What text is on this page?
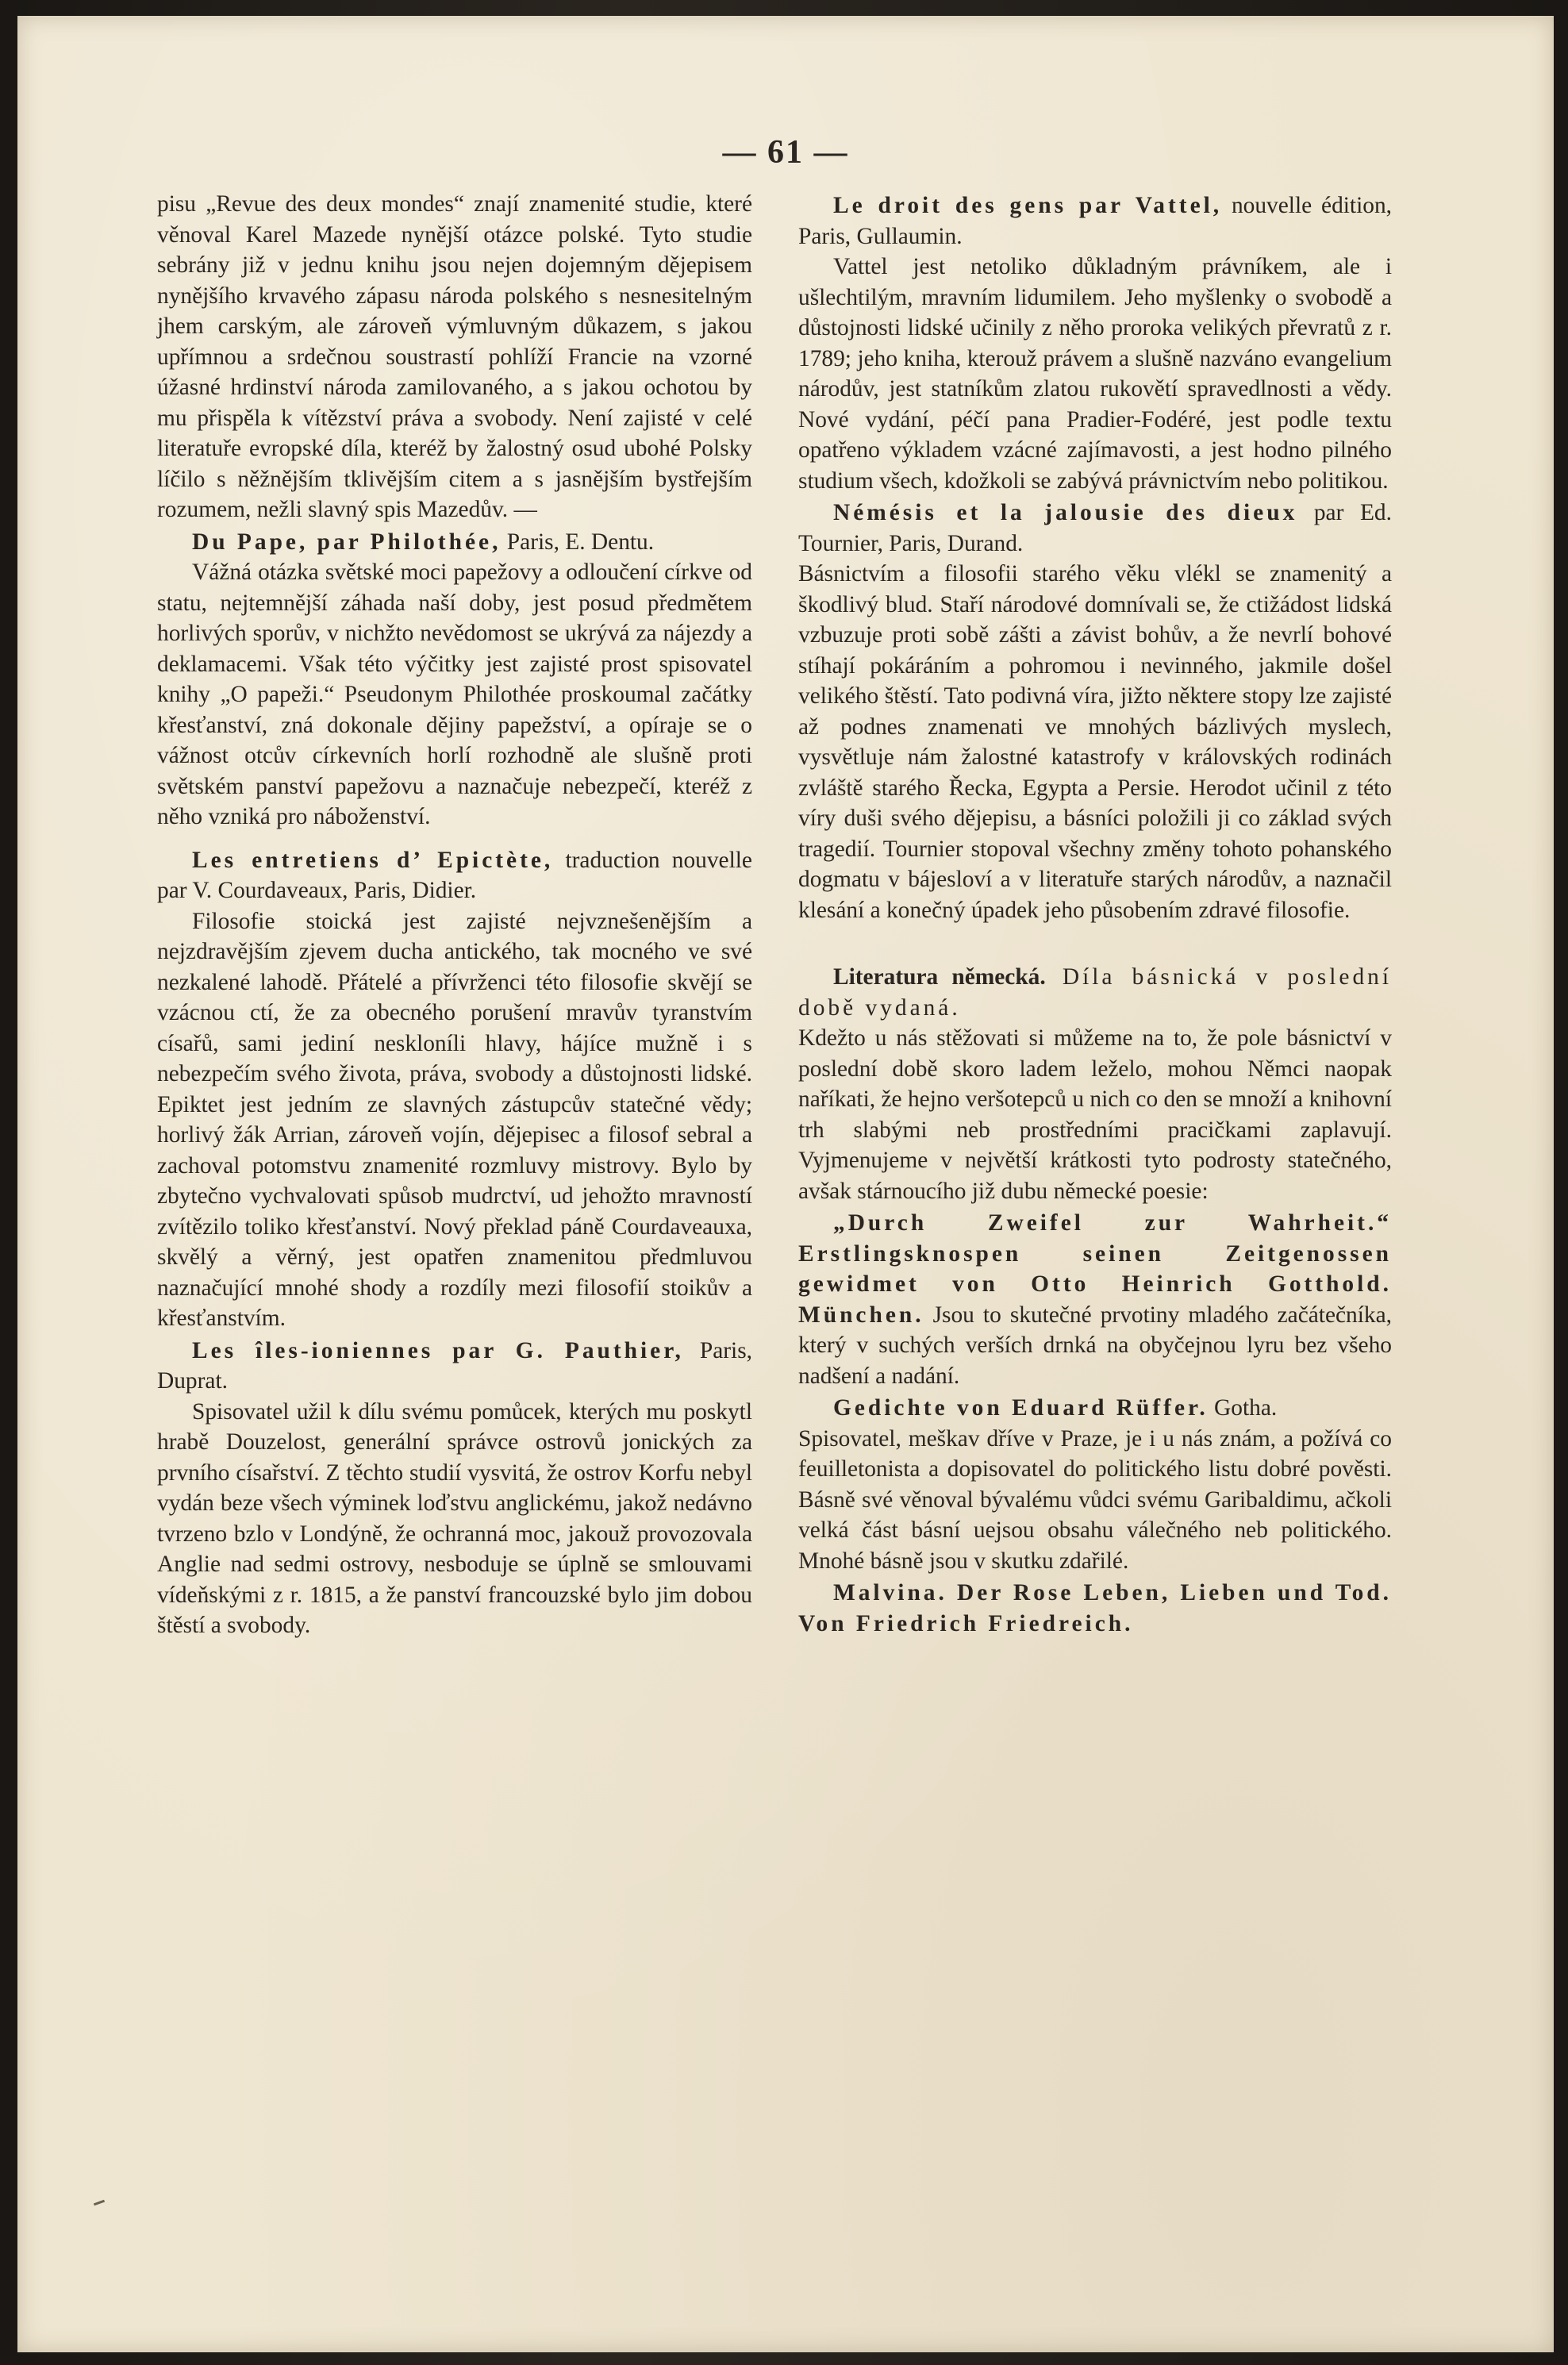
— 61 —

pisu „Revue des deux mondes“ znají znamenité studie, které věnoval Karel Mazede nynější otázce polské. Tyto studie sebrány již v jednu knihu jsou nejen dojemným dějepisem nynějšího krvavého zápasu národa polského s nesnesitelným jhem carským, ale zároveň výmluvným důkazem, s jakou upřímnou a srdečnou soustrastí pohlíží Francie na vzorné úžasné hrdinství národa zamilovaného, a s jakou ochotou by mu přispěla k vítězství práva a svobody. Není zajisté v celé literatuře evropské díla, kteréž by žalostný osud ubohé Polsky líčilo s něžnějším tklivějším citem a s jasnějším bystřejším rozumem, nežli slavný spis Mazedův. —

Du Pape, par Philothée, Paris, E. Dentu.

Vážná otázka světské moci papežovy a odloučení církve od statu, nejtemnější záhada naší doby, jest posud předmětem horlivých sporův, v nichžto nevědomost se ukrývá za nájezdy a deklamacemi. Však této výčitky jest zajisté prost spisovatel knihy „O papeži.“ Pseudonym Philothée proskoumal začátky křesťanství, zná dokonale dějiny papežství, a opíraje se o vážnost otcův církevních horlí rozhodně ale slušně proti světském panství papežovu a naznačuje nebezpečí, kteréž z něho vzniká pro náboženství.

Les entretiens d’ Epictète, traduction nouvelle par V. Courdaveaux, Paris, Didier.

Filosofie stoická jest zajisté nejvznešenějším a nejzdravějším zjevem ducha antického, tak mocného ve své nezkalené lahodě. Přátelé a přívrženci této filosofie skvějí se vzácnou ctí, že za obecného porušení mravův tyranstvím císařů, sami jediní neskloníli hlavy, hájíce mužně i s nebezpečím svého života, práva, svobody a důstojnosti lidské. Epiktet jest jedním ze slavných zástupcův statečné vědy; horlivý žák Arrian, zároveň vojín, dějepisec a filosof sebral a zachoval potomstvu znamenité rozmluvy mistrovy. Bylo by zbytečno vychvalovati spůsob mudrctví, ud jehožto mravností zvítězilo toliko křesťanství. Nový překlad páně Courdaveauxa, skvělý a věrný, jest opatřen znamenitou předmluvou naznačující mnohé shody a rozdíly mezi filosofií stoikův a křesťanstvím.

Les îles-ioniennes par G. Pauthier, Paris, Duprat.

Spisovatel užil k dílu svému pomůcek, kterých mu poskytl hrabě Douzelost, generální správce ostrovů jonických za prvního císařství. Z těchto studií vysvitá, že ostrov Korfu nebyl vydán beze všech výminek loďstvu anglickému, jakož nedávno tvrzeno bzlo v Londýně, že ochranná moc, jakouž provozovala Anglie nad sedmi ostrovy, nesbodujе se úplně se smlouvami vídeňskými z r. 1815, a že panství francouzské bylo jim dobou štěstí a svobody.

Le droit des gens par Vattel, nouvelle édition, Paris, Gullaumin.

Vattel jest netoliko důkladným právníkem, ale i ušlechtilým, mravním lidumilem. Jeho myšlenky o svobodě a důstojnosti lidské učinily z něho proroka velikých převratů z r. 1789; jeho kniha, kterouž právem a slušně nazváno evangelium národův, jest statníkům zlatou rukovětí spravedlnosti a vědy. Nové vydání, péčí pana Pradier-Fodéré, jest podle textu opatřeno výkladem vzácné zajímavosti, a jest hodno pilného studium všech, kdožkoli se zabývá právnictvím nebo politikou.

Némésis et la jalousie des dieux par Ed. Tournier, Paris, Durand.

Básnictvím a filosofii starého věku vlékl se znamenitý a škodlivý blud. Staří národové domnívali se, že ctižádost lidská vzbuzuje proti sobě zášti a závist bohův, a že nevrlí bohové stíhají pokáráním a pohromou i nevinného, jakmile došel velikého štěstí. Tato podivná víra, jižto některe stopy lze zajisté až podnes znamenati ve mnohých bázlivých myslech, vysvětluje nám žalostné katastrofy v královských rodinách zvláště starého Řecka, Egypta a Persie. Herodot učinil z této víry duši svého dějepisu, a básníci položili ji co základ svých tragedií. Tournier stopoval všechny změny tohoto pohanského dogmatu v bájesloví a v literatuře starých národův, a naznačil klesání a konečný úpadek jeho působením zdravé filosofie.

Literatura německá. Díla básnická v poslední době vydaná.

Kdežto u nás stěžovati si můžeme na to, že pole básnictví v poslední době skoro ladem leželo, mohou Němci naopak naříkati, že hejno veršotepců u nich co den se množí a knihovní trh slabými neb prostředními pracičkami zaplavují. Vyjmenujeme v největší krátkosti tyto podrosty statečného, avšak stárnoucího již dubu německé poesie:

„Durch Zweifel zur Wahrheit.“ Erstlingsknospen seinen Zeitgenossen gewidmet von Otto Heinrich Gotthold. München. Jsou to skutečné prvotiny mladého začátečníka, který v suchých verších drnká na obyčejnou lyru bez všeho nadšení a nadání.

Gedichte von Eduard Rüffer. Gotha.

Spisovatel, meškav dříve v Praze, je i u nás znám, a požívá co feuilletonista a dopisovatel do politického listu dobré pověsti. Básně své věnoval bývalému vůdci svému Garibaldimu, ačkoli velká část básní uejsou obsahu válečného neb politického. Mnohé básně jsou v skutku zdařilé.

Malvina. Der Rose Leben, Lieben und Tod. Von Friedrich Friedreich.
